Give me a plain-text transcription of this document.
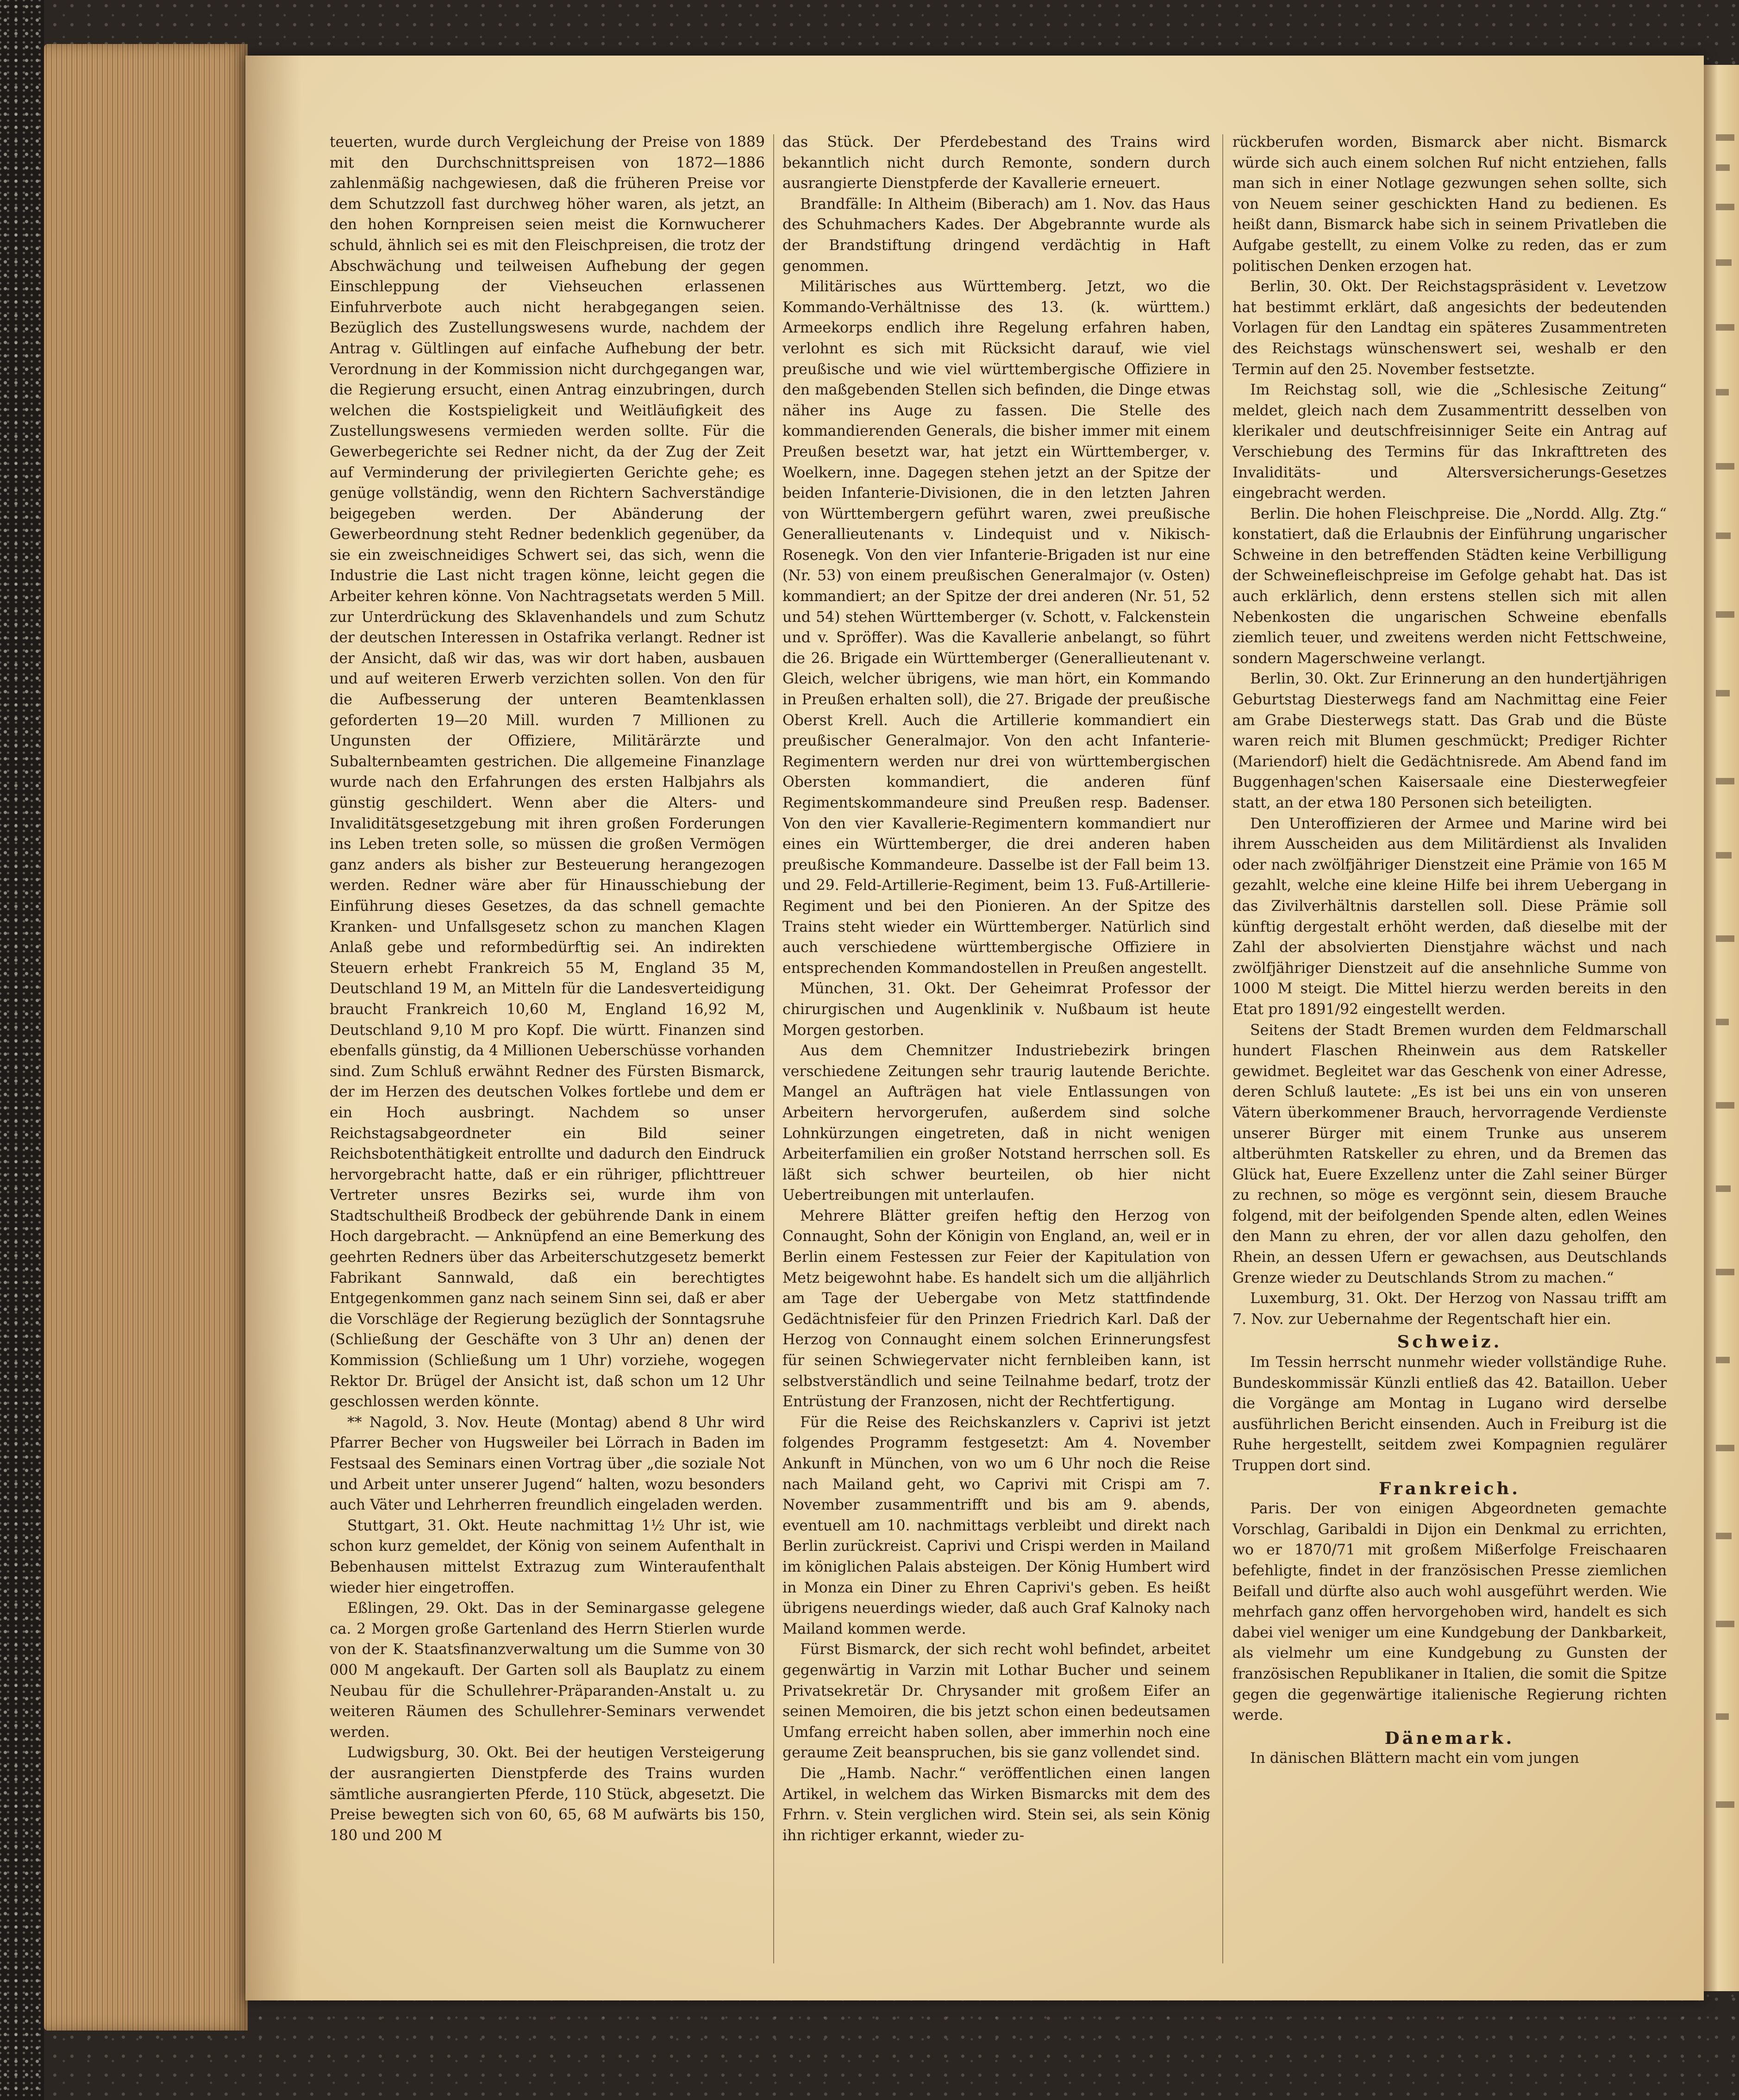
teuerten, wurde durch Vergleichung der Preise von 1889 mit den Durchschnittspreisen von 1872—1886 zahlenmäßig nachgewiesen, daß die früheren Preise vor dem Schutzzoll fast durchweg höher waren, als jetzt, an den hohen Kornpreisen seien meist die Kornwucherer schuld, ähnlich sei es mit den Fleischpreisen, die trotz der Abschwächung und teilweisen Aufhebung der gegen Einschleppung der Viehseuchen erlassenen Einfuhrverbote auch nicht herabgegangen seien. Bezüglich des Zustellungswesens wurde, nachdem der Antrag v. Gültlingen auf einfache Aufhebung der betr. Verordnung in der Kommission nicht durchgegangen war, die Regierung ersucht, einen Antrag einzubringen, durch welchen die Kostspieligkeit und Weitläufigkeit des Zustellungswesens vermieden werden sollte. Für die Gewerbegerichte sei Redner nicht, da der Zug der Zeit auf Verminderung der privilegierten Gerichte gehe; es genüge vollständig, wenn den Richtern Sachverständige beigegeben werden. Der Abänderung der Gewerbeordnung steht Redner bedenklich gegenüber, da sie ein zweischneidiges Schwert sei, das sich, wenn die Industrie die Last nicht tragen könne, leicht gegen die Arbeiter kehren könne. Von Nachtragsetats werden 5 Mill. zur Unterdrückung des Sklavenhandels und zum Schutz der deutschen Interessen in Ostafrika verlangt. Redner ist der Ansicht, daß wir das, was wir dort haben, ausbauen und auf weiteren Erwerb verzichten sollen. Von den für die Aufbesserung der unteren Beamtenklassen geforderten 19—20 Mill. wurden 7 Millionen zu Ungunsten der Offiziere, Militärärzte und Subalternbeamten gestrichen. Die allgemeine Finanzlage wurde nach den Erfahrungen des ersten Halbjahrs als günstig geschildert. Wenn aber die Alters- und Invaliditätsgesetzgebung mit ihren großen Forderungen ins Leben treten solle, so müssen die großen Vermögen ganz anders als bisher zur Besteuerung herangezogen werden. Redner wäre aber für Hinausschiebung der Einführung dieses Gesetzes, da das schnell gemachte Kranken- und Unfallsgesetz schon zu manchen Klagen Anlaß gebe und reformbedürftig sei. An indirekten Steuern erhebt Frankreich 55 M, England 35 M, Deutschland 19 M, an Mitteln für die Landesverteidigung braucht Frankreich 10,60 M, England 16,92 M, Deutschland 9,10 M pro Kopf. Die württ. Finanzen sind ebenfalls günstig, da 4 Millionen Ueberschüsse vorhanden sind. Zum Schluß erwähnt Redner des Fürsten Bismarck, der im Herzen des deutschen Volkes fortlebe und dem er ein Hoch ausbringt. Nachdem so unser Reichstagsabgeordneter ein Bild seiner Reichsbotenthätigkeit entrollte und dadurch den Eindruck hervorgebracht hatte, daß er ein rühriger, pflichttreuer Vertreter unsres Bezirks sei, wurde ihm von Stadtschultheiß Brodbeck der gebührende Dank in einem Hoch dargebracht. — Anknüpfend an eine Bemerkung des geehrten Redners über das Arbeiterschutzgesetz bemerkt Fabrikant Sannwald, daß ein berechtigtes Entgegenkommen ganz nach seinem Sinn sei, daß er aber die Vorschläge der Regierung bezüglich der Sonntagsruhe (Schließung der Geschäfte von 3 Uhr an) denen der Kommission (Schließung um 1 Uhr) vorziehe, wogegen Rektor Dr. Brügel der Ansicht ist, daß schon um 12 Uhr geschlossen werden könnte.

** Nagold, 3. Nov. Heute (Montag) abend 8 Uhr wird Pfarrer Becher von Hugsweiler bei Lörrach in Baden im Festsaal des Seminars einen Vortrag über „die soziale Not und Arbeit unter unserer Jugend“ halten, wozu besonders auch Väter und Lehrherren freundlich eingeladen werden.

Stuttgart, 31. Okt. Heute nachmittag 1½ Uhr ist, wie schon kurz gemeldet, der König von seinem Aufenthalt in Bebenhausen mittelst Extrazug zum Winteraufenthalt wieder hier eingetroffen.

Eßlingen, 29. Okt. Das in der Seminargasse gelegene ca. 2 Morgen große Gartenland des Herrn Stierlen wurde von der K. Staatsfinanzverwaltung um die Summe von 30 000 M angekauft. Der Garten soll als Bauplatz zu einem Neubau für die Schullehrer-Präparanden-Anstalt u. zu weiteren Räumen des Schullehrer-Seminars verwendet werden.

Ludwigsburg, 30. Okt. Bei der heutigen Versteigerung der ausrangierten Dienstpferde des Trains wurden sämtliche ausrangierten Pferde, 110 Stück, abgesetzt. Die Preise bewegten sich von 60, 65, 68 M aufwärts bis 150, 180 und 200 M

das Stück. Der Pferdebestand des Trains wird bekanntlich nicht durch Remonte, sondern durch ausrangierte Dienstpferde der Kavallerie erneuert.

Brandfälle: In Altheim (Biberach) am 1. Nov. das Haus des Schuhmachers Kades. Der Abgebrannte wurde als der Brandstiftung dringend verdächtig in Haft genommen.

Militärisches aus Württemberg. Jetzt, wo die Kommando-Verhältnisse des 13. (k. württem.) Armeekorps endlich ihre Regelung erfahren haben, verlohnt es sich mit Rücksicht darauf, wie viel preußische und wie viel württembergische Offiziere in den maßgebenden Stellen sich befinden, die Dinge etwas näher ins Auge zu fassen. Die Stelle des kommandierenden Generals, die bisher immer mit einem Preußen besetzt war, hat jetzt ein Württemberger, v. Woelkern, inne. Dagegen stehen jetzt an der Spitze der beiden Infanterie-Divisionen, die in den letzten Jahren von Württembergern geführt waren, zwei preußische Generallieutenants v. Lindequist und v. Nikisch-Rosenegk. Von den vier Infanterie-Brigaden ist nur eine (Nr. 53) von einem preußischen Generalmajor (v. Osten) kommandiert; an der Spitze der drei anderen (Nr. 51, 52 und 54) stehen Württemberger (v. Schott, v. Falckenstein und v. Spröffer). Was die Kavallerie anbelangt, so führt die 26. Brigade ein Württemberger (Generallieutenant v. Gleich, welcher übrigens, wie man hört, ein Kommando in Preußen erhalten soll), die 27. Brigade der preußische Oberst Krell. Auch die Artillerie kommandiert ein preußischer Generalmajor. Von den acht Infanterie-Regimentern werden nur drei von württembergischen Obersten kommandiert, die anderen fünf Regimentskommandeure sind Preußen resp. Badenser. Von den vier Kavallerie-Regimentern kommandiert nur eines ein Württemberger, die drei anderen haben preußische Kommandeure. Dasselbe ist der Fall beim 13. und 29. Feld-Artillerie-Regiment, beim 13. Fuß-Artillerie-Regiment und bei den Pionieren. An der Spitze des Trains steht wieder ein Württemberger. Natürlich sind auch verschiedene württembergische Offiziere in entsprechenden Kommandostellen in Preußen angestellt.

München, 31. Okt. Der Geheimrat Professor der chirurgischen und Augenklinik v. Nußbaum ist heute Morgen gestorben.

Aus dem Chemnitzer Industriebezirk bringen verschiedene Zeitungen sehr traurig lautende Berichte. Mangel an Aufträgen hat viele Entlassungen von Arbeitern hervorgerufen, außerdem sind solche Lohnkürzungen eingetreten, daß in nicht wenigen Arbeiterfamilien ein großer Notstand herrschen soll. Es läßt sich schwer beurteilen, ob hier nicht Uebertreibungen mit unterlaufen.

Mehrere Blätter greifen heftig den Herzog von Connaught, Sohn der Königin von England, an, weil er in Berlin einem Festessen zur Feier der Kapitulation von Metz beigewohnt habe. Es handelt sich um die alljährlich am Tage der Uebergabe von Metz stattfindende Gedächtnisfeier für den Prinzen Friedrich Karl. Daß der Herzog von Connaught einem solchen Erinnerungsfest für seinen Schwiegervater nicht fernbleiben kann, ist selbstverständlich und seine Teilnahme bedarf, trotz der Entrüstung der Franzosen, nicht der Rechtfertigung.

Für die Reise des Reichskanzlers v. Caprivi ist jetzt folgendes Programm festgesetzt: Am 4. November Ankunft in München, von wo um 6 Uhr noch die Reise nach Mailand geht, wo Caprivi mit Crispi am 7. November zusammentrifft und bis am 9. abends, eventuell am 10. nachmittags verbleibt und direkt nach Berlin zurückreist. Caprivi und Crispi werden in Mailand im königlichen Palais absteigen. Der König Humbert wird in Monza ein Diner zu Ehren Caprivi's geben. Es heißt übrigens neuerdings wieder, daß auch Graf Kalnoky nach Mailand kommen werde.

Fürst Bismarck, der sich recht wohl befindet, arbeitet gegenwärtig in Varzin mit Lothar Bucher und seinem Privatsekretär Dr. Chrysander mit großem Eifer an seinen Memoiren, die bis jetzt schon einen bedeutsamen Umfang erreicht haben sollen, aber immerhin noch eine geraume Zeit beanspruchen, bis sie ganz vollendet sind.

Die „Hamb. Nachr.“ veröffentlichen einen langen Artikel, in welchem das Wirken Bismarcks mit dem des Frhrn. v. Stein verglichen wird. Stein sei, als sein König ihn richtiger erkannt, wieder zu-

rückberufen worden, Bismarck aber nicht. Bismarck würde sich auch einem solchen Ruf nicht entziehen, falls man sich in einer Notlage gezwungen sehen sollte, sich von Neuem seiner geschickten Hand zu bedienen. Es heißt dann, Bismarck habe sich in seinem Privatleben die Aufgabe gestellt, zu einem Volke zu reden, das er zum politischen Denken erzogen hat.

Berlin, 30. Okt. Der Reichstagspräsident v. Levetzow hat bestimmt erklärt, daß angesichts der bedeutenden Vorlagen für den Landtag ein späteres Zusammentreten des Reichstags wünschenswert sei, weshalb er den Termin auf den 25. November festsetzte.

Im Reichstag soll, wie die „Schlesische Zeitung“ meldet, gleich nach dem Zusammentritt desselben von klerikaler und deutschfreisinniger Seite ein Antrag auf Verschiebung des Termins für das Inkrafttreten des Invaliditäts- und Altersversicherungs-Gesetzes eingebracht werden.

Berlin. Die hohen Fleischpreise. Die „Nordd. Allg. Ztg.“ konstatiert, daß die Erlaubnis der Einführung ungarischer Schweine in den betreffenden Städten keine Verbilligung der Schweinefleischpreise im Gefolge gehabt hat. Das ist auch erklärlich, denn erstens stellen sich mit allen Nebenkosten die ungarischen Schweine ebenfalls ziemlich teuer, und zweitens werden nicht Fettschweine, sondern Magerschweine verlangt.

Berlin, 30. Okt. Zur Erinnerung an den hundertjährigen Geburtstag Diesterwegs fand am Nachmittag eine Feier am Grabe Diesterwegs statt. Das Grab und die Büste waren reich mit Blumen geschmückt; Prediger Richter (Mariendorf) hielt die Gedächtnisrede. Am Abend fand im Buggenhagen'schen Kaisersaale eine Diesterwegfeier statt, an der etwa 180 Personen sich beteiligten.

Den Unteroffizieren der Armee und Marine wird bei ihrem Ausscheiden aus dem Militärdienst als Invaliden oder nach zwölfjähriger Dienstzeit eine Prämie von 165 M gezahlt, welche eine kleine Hilfe bei ihrem Uebergang in das Zivilverhältnis darstellen soll. Diese Prämie soll künftig dergestalt erhöht werden, daß dieselbe mit der Zahl der absolvierten Dienstjahre wächst und nach zwölfjähriger Dienstzeit auf die ansehnliche Summe von 1000 M steigt. Die Mittel hierzu werden bereits in den Etat pro 1891/92 eingestellt werden.

Seitens der Stadt Bremen wurden dem Feldmarschall hundert Flaschen Rheinwein aus dem Ratskeller gewidmet. Begleitet war das Geschenk von einer Adresse, deren Schluß lautete: „Es ist bei uns ein von unseren Vätern überkommener Brauch, hervorragende Verdienste unserer Bürger mit einem Trunke aus unserem altberühmten Ratskeller zu ehren, und da Bremen das Glück hat, Euere Exzellenz unter die Zahl seiner Bürger zu rechnen, so möge es vergönnt sein, diesem Brauche folgend, mit der beifolgenden Spende alten, edlen Weines den Mann zu ehren, der vor allen dazu geholfen, den Rhein, an dessen Ufern er gewachsen, aus Deutschlands Grenze wieder zu Deutschlands Strom zu machen.“

Luxemburg, 31. Okt. Der Herzog von Nassau trifft am 7. Nov. zur Uebernahme der Regentschaft hier ein.

Schweiz.

Im Tessin herrscht nunmehr wieder vollständige Ruhe. Bundeskommissär Künzli entließ das 42. Bataillon. Ueber die Vorgänge am Montag in Lugano wird derselbe ausführlichen Bericht einsenden. Auch in Freiburg ist die Ruhe hergestellt, seitdem zwei Kompagnien regulärer Truppen dort sind.

Frankreich.

Paris. Der von einigen Abgeordneten gemachte Vorschlag, Garibaldi in Dijon ein Denkmal zu errichten, wo er 1870/71 mit großem Mißerfolge Freischaaren befehligte, findet in der französischen Presse ziemlichen Beifall und dürfte also auch wohl ausgeführt werden. Wie mehrfach ganz offen hervorgehoben wird, handelt es sich dabei viel weniger um eine Kundgebung der Dankbarkeit, als vielmehr um eine Kundgebung zu Gunsten der französischen Republikaner in Italien, die somit die Spitze gegen die gegenwärtige italienische Regierung richten werde.

Dänemark.

In dänischen Blättern macht ein vom jungen
